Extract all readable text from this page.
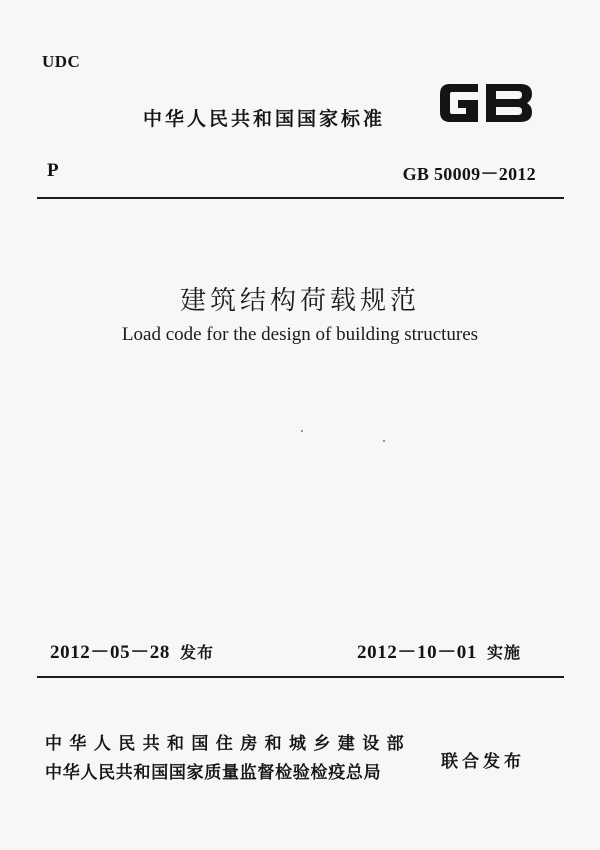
UDC
中华人民共和国国家标准
P	GB 50009－2012
建筑结构荷载规范
Load code for the design of building structures
2012－05－28 发布	2012－10－01 实施
中华人民共和国住房和城乡建设部
中华人民共和国国家质量监督检验检疫总局
联合发布
